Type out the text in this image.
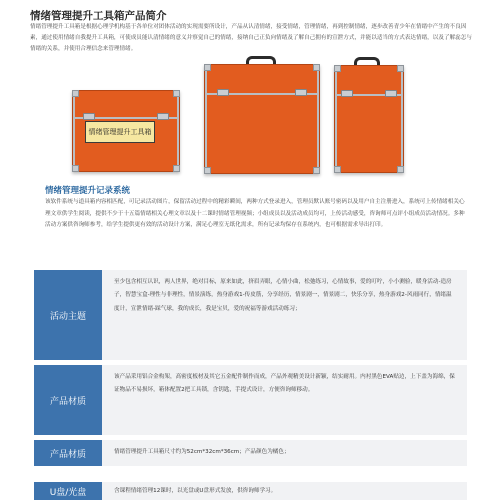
情绪管理提升工具箱产品简介
情绪管理提升工具箱是根据心理学机构基于各单位对团体活动的实现需要所设计，产品从认清情绪，接受情绪，管理情绪，再到控制情绪，逐步改善青少年在情绪中产生的不良因素，通过使用情绪自我提升工具箱，可使成员能认清情绪的意义并察觉自己的情绪，接纳自己正负向情绪及了解自己拥有的宣泄方式，并能以适当的方式表达情绪，以及了解惢怎与情绪的关系，并使用合理信念来管理情绪。
情绪管理提升工具箱
情绪管理提升记录系统
该软件系统与道具箱内容相匹配，可记录活动图片，保留活动过程中的精彩瞬间，两种方式登录进入，管理员默认账号密码以及用户自主注册进入，系统可上传情绪相关心理文章供学生阅读，提供不少于十五篇情绪相关心理文章以及十二课时情绪管理视频；小组成员以及活动成员均可，上传活动感受，咨询师可点评小组成员活动情况。多种活动方案供咨询师参考，给学生提供更有效的活动设计方案，满足心理室无纸化需求，所有记录均保存在系统内，也可根据需求导出打印。
活动主题
至少包含相互认识，两人世界，绝对目标，原来如此，挤眉弄眼，心情小曲，松弛练习，心情故事，爱的叮咛，小小测验，暖身活动-造房子，智慧宝盒-理性与非理性，情景演练，热身游戏1-传皮筋，分享经历，情景剧一，情景剧二，快乐分享，热身游戏2-风雨同行，情绪温度计，宣泄情绪-踩气球，我的成长，我是宝贝，爱的祝福等游戏活动练习；
产品材质
该产品采用铝合金构架，高密度板材及其它五金配件制作而成，产品外观精美设计新颖，结实耐用。内衬黑色EVA贴边，上下盖为海绵，保证物品不易损坏，箱体配置2把工具锁，含钥匙，手提式设计，方便咨询师移动。
产品材质	情绪管理提升工具箱尺寸约为52cm*32cm*36cm；产品颜色为橘色；
U盘/光盘	含课程情绪管理12课时，以光盘或U盘形式发放，供咨询师学习。
